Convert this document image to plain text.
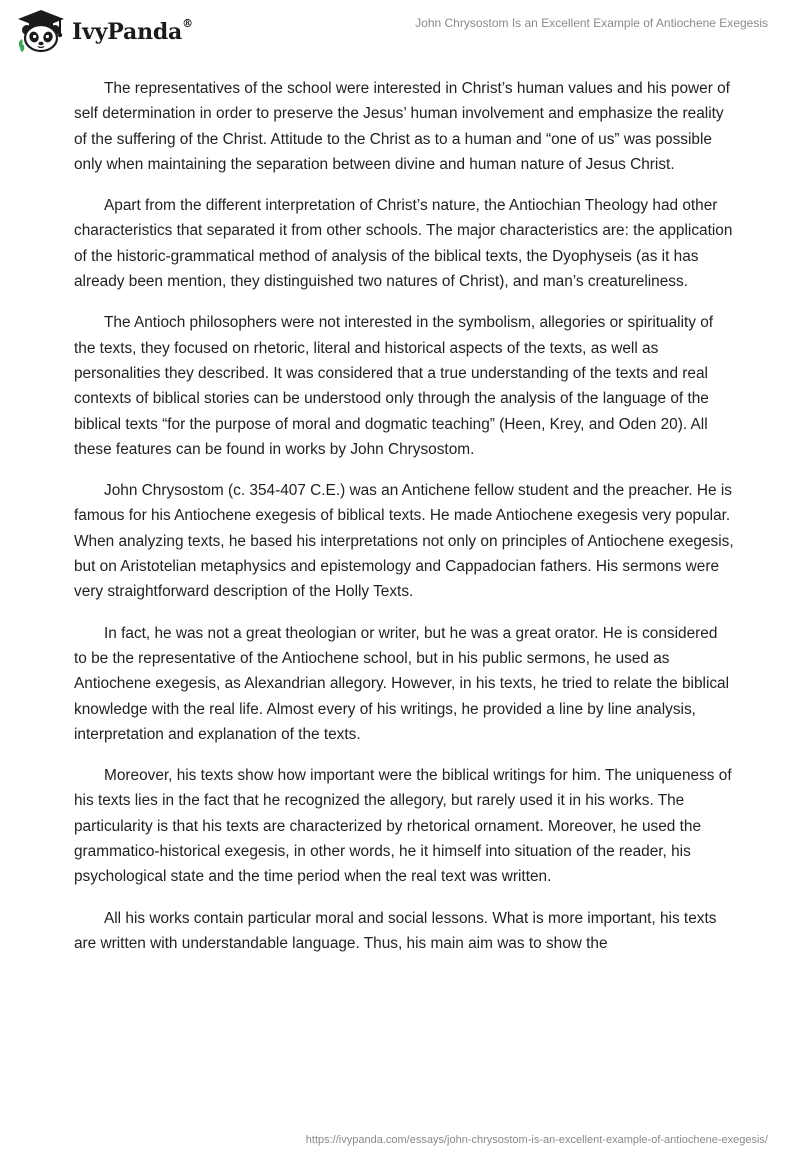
IvyPanda®	John Chrysostom Is an Excellent Example of Antiochene Exegesis

The representatives of the school were interested in Christ’s human values and his power of self determination in order to preserve the Jesus’ human involvement and emphasize the reality of the suffering of the Christ. Attitude to the Christ as to a human and “one of us” was possible only when maintaining the separation between divine and human nature of Jesus Christ.

Apart from the different interpretation of Christ’s nature, the Antiochian Theology had other characteristics that separated it from other schools. The major characteristics are: the application of the historic-grammatical method of analysis of the biblical texts, the Dyophyseis (as it has already been mention, they distinguished two natures of Christ), and man’s creatureliness.

The Antioch philosophers were not interested in the symbolism, allegories or spirituality of the texts, they focused on rhetoric, literal and historical aspects of the texts, as well as personalities they described. It was considered that a true understanding of the texts and real contexts of biblical stories can be understood only through the analysis of the language of the biblical texts “for the purpose of moral and dogmatic teaching” (Heen, Krey, and Oden 20). All these features can be found in works by John Chrysostom.

John Chrysostom (c. 354-407 C.E.) was an Antichene fellow student and the preacher. He is famous for his Antiochene exegesis of biblical texts. He made Antiochene exegesis very popular. When analyzing texts, he based his interpretations not only on principles of Antiochene exegesis, but on Aristotelian metaphysics and epistemology and Cappadocian fathers. His sermons were very straightforward description of the Holly Texts.

In fact, he was not a great theologian or writer, but he was a great orator. He is considered to be the representative of the Antiochene school, but in his public sermons, he used as Antiochene exegesis, as Alexandrian allegory. However, in his texts, he tried to relate the biblical knowledge with the real life. Almost every of his writings, he provided a line by line analysis, interpretation and explanation of the texts.

Moreover, his texts show how important were the biblical writings for him. The uniqueness of his texts lies in the fact that he recognized the allegory, but rarely used it in his works. The particularity is that his texts are characterized by rhetorical ornament. Moreover, he used the grammatico-historical exegesis, in other words, he it himself into situation of the reader, his psychological state and the time period when the real text was written.

All his works contain particular moral and social lessons. What is more important, his texts are written with understandable language. Thus, his main aim was to show the

https://ivypanda.com/essays/john-chrysostom-is-an-excellent-example-of-antiochene-exegesis/
